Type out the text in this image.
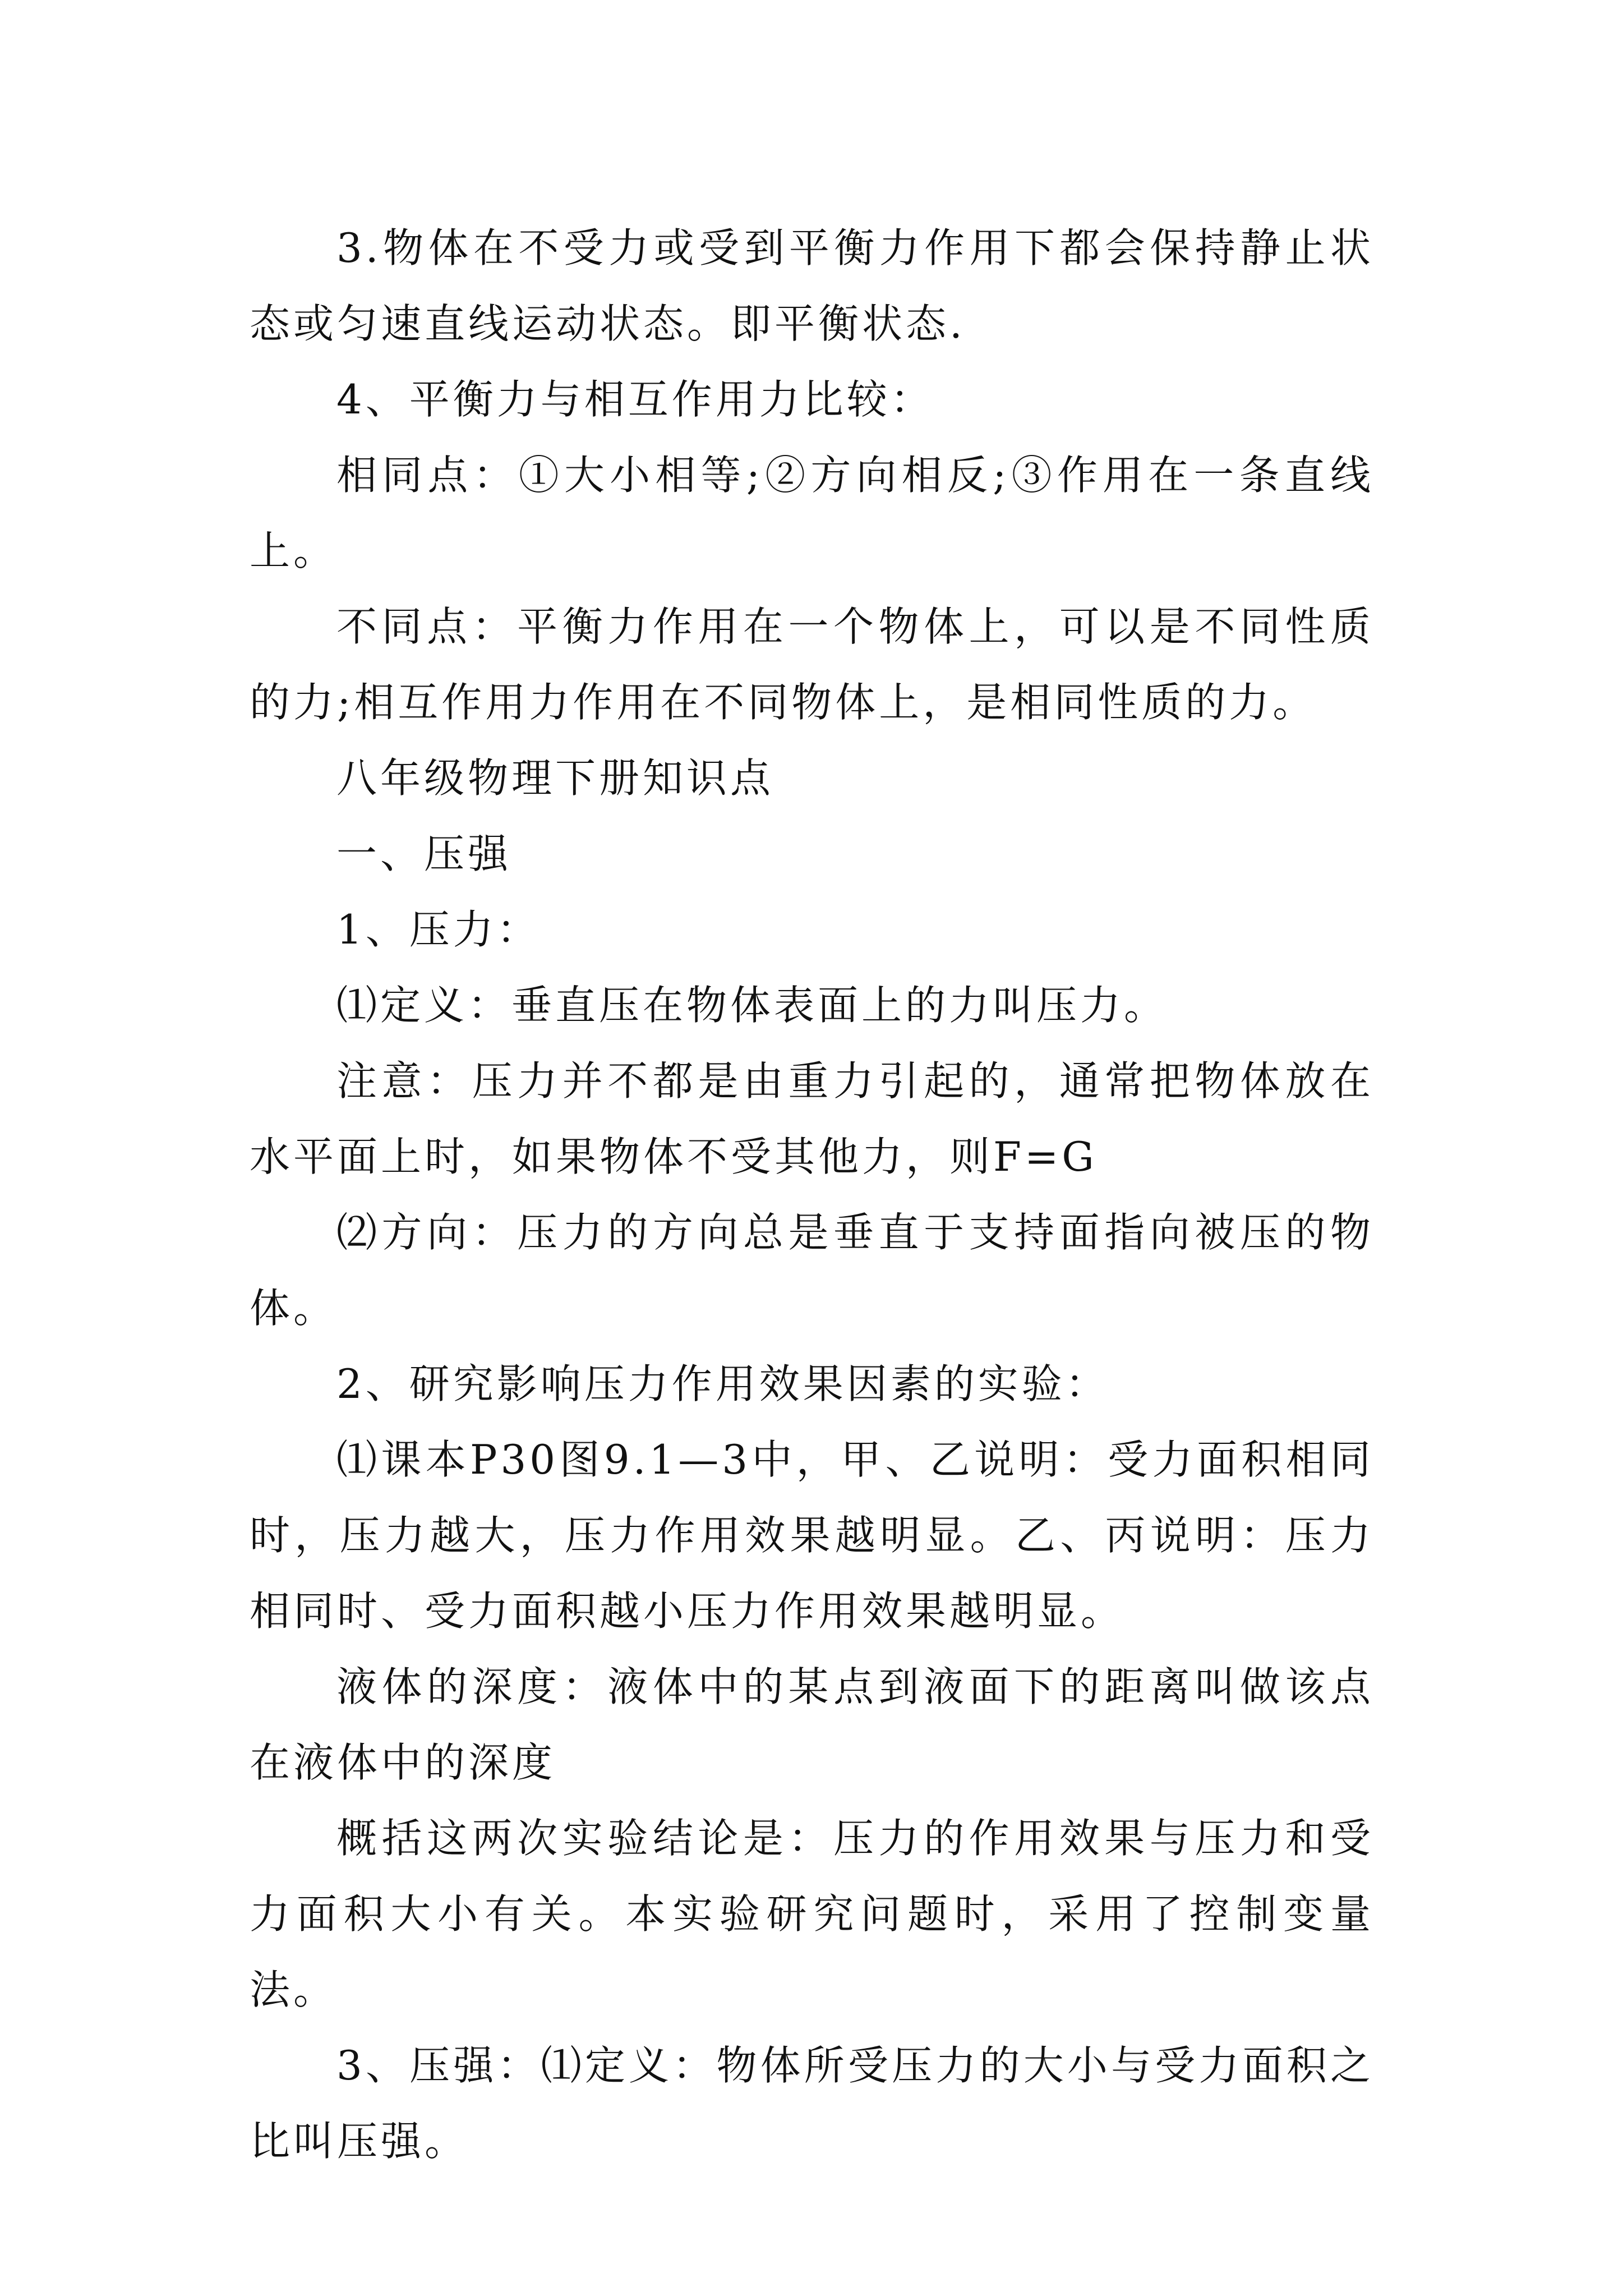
3.物体在不受力或受到平衡力作用下都会保持静止状态或匀速直线运动状态。即平衡状态.

4、平衡力与相互作用力比较：

相同点：①大小相等;②方向相反;③作用在一条直线上。

不同点：平衡力作用在一个物体上，可以是不同性质的力;相互作用力作用在不同物体上，是相同性质的力。

八年级物理下册知识点

一、压强

1、压力：

⑴定义：垂直压在物体表面上的力叫压力。

注意：压力并不都是由重力引起的，通常把物体放在水平面上时，如果物体不受其他力，则F=G

⑵方向：压力的方向总是垂直于支持面指向被压的物体。

2、研究影响压力作用效果因素的实验：

⑴课本P30图9.1—3中，甲、乙说明：受力面积相同时，压力越大，压力作用效果越明显。乙、丙说明：压力相同时、受力面积越小压力作用效果越明显。

液体的深度：液体中的某点到液面下的距离叫做该点在液体中的深度

概括这两次实验结论是：压力的作用效果与压力和受力面积大小有关。本实验研究问题时，采用了控制变量法。

3、压强：⑴定义：物体所受压力的大小与受力面积之比叫压强。
